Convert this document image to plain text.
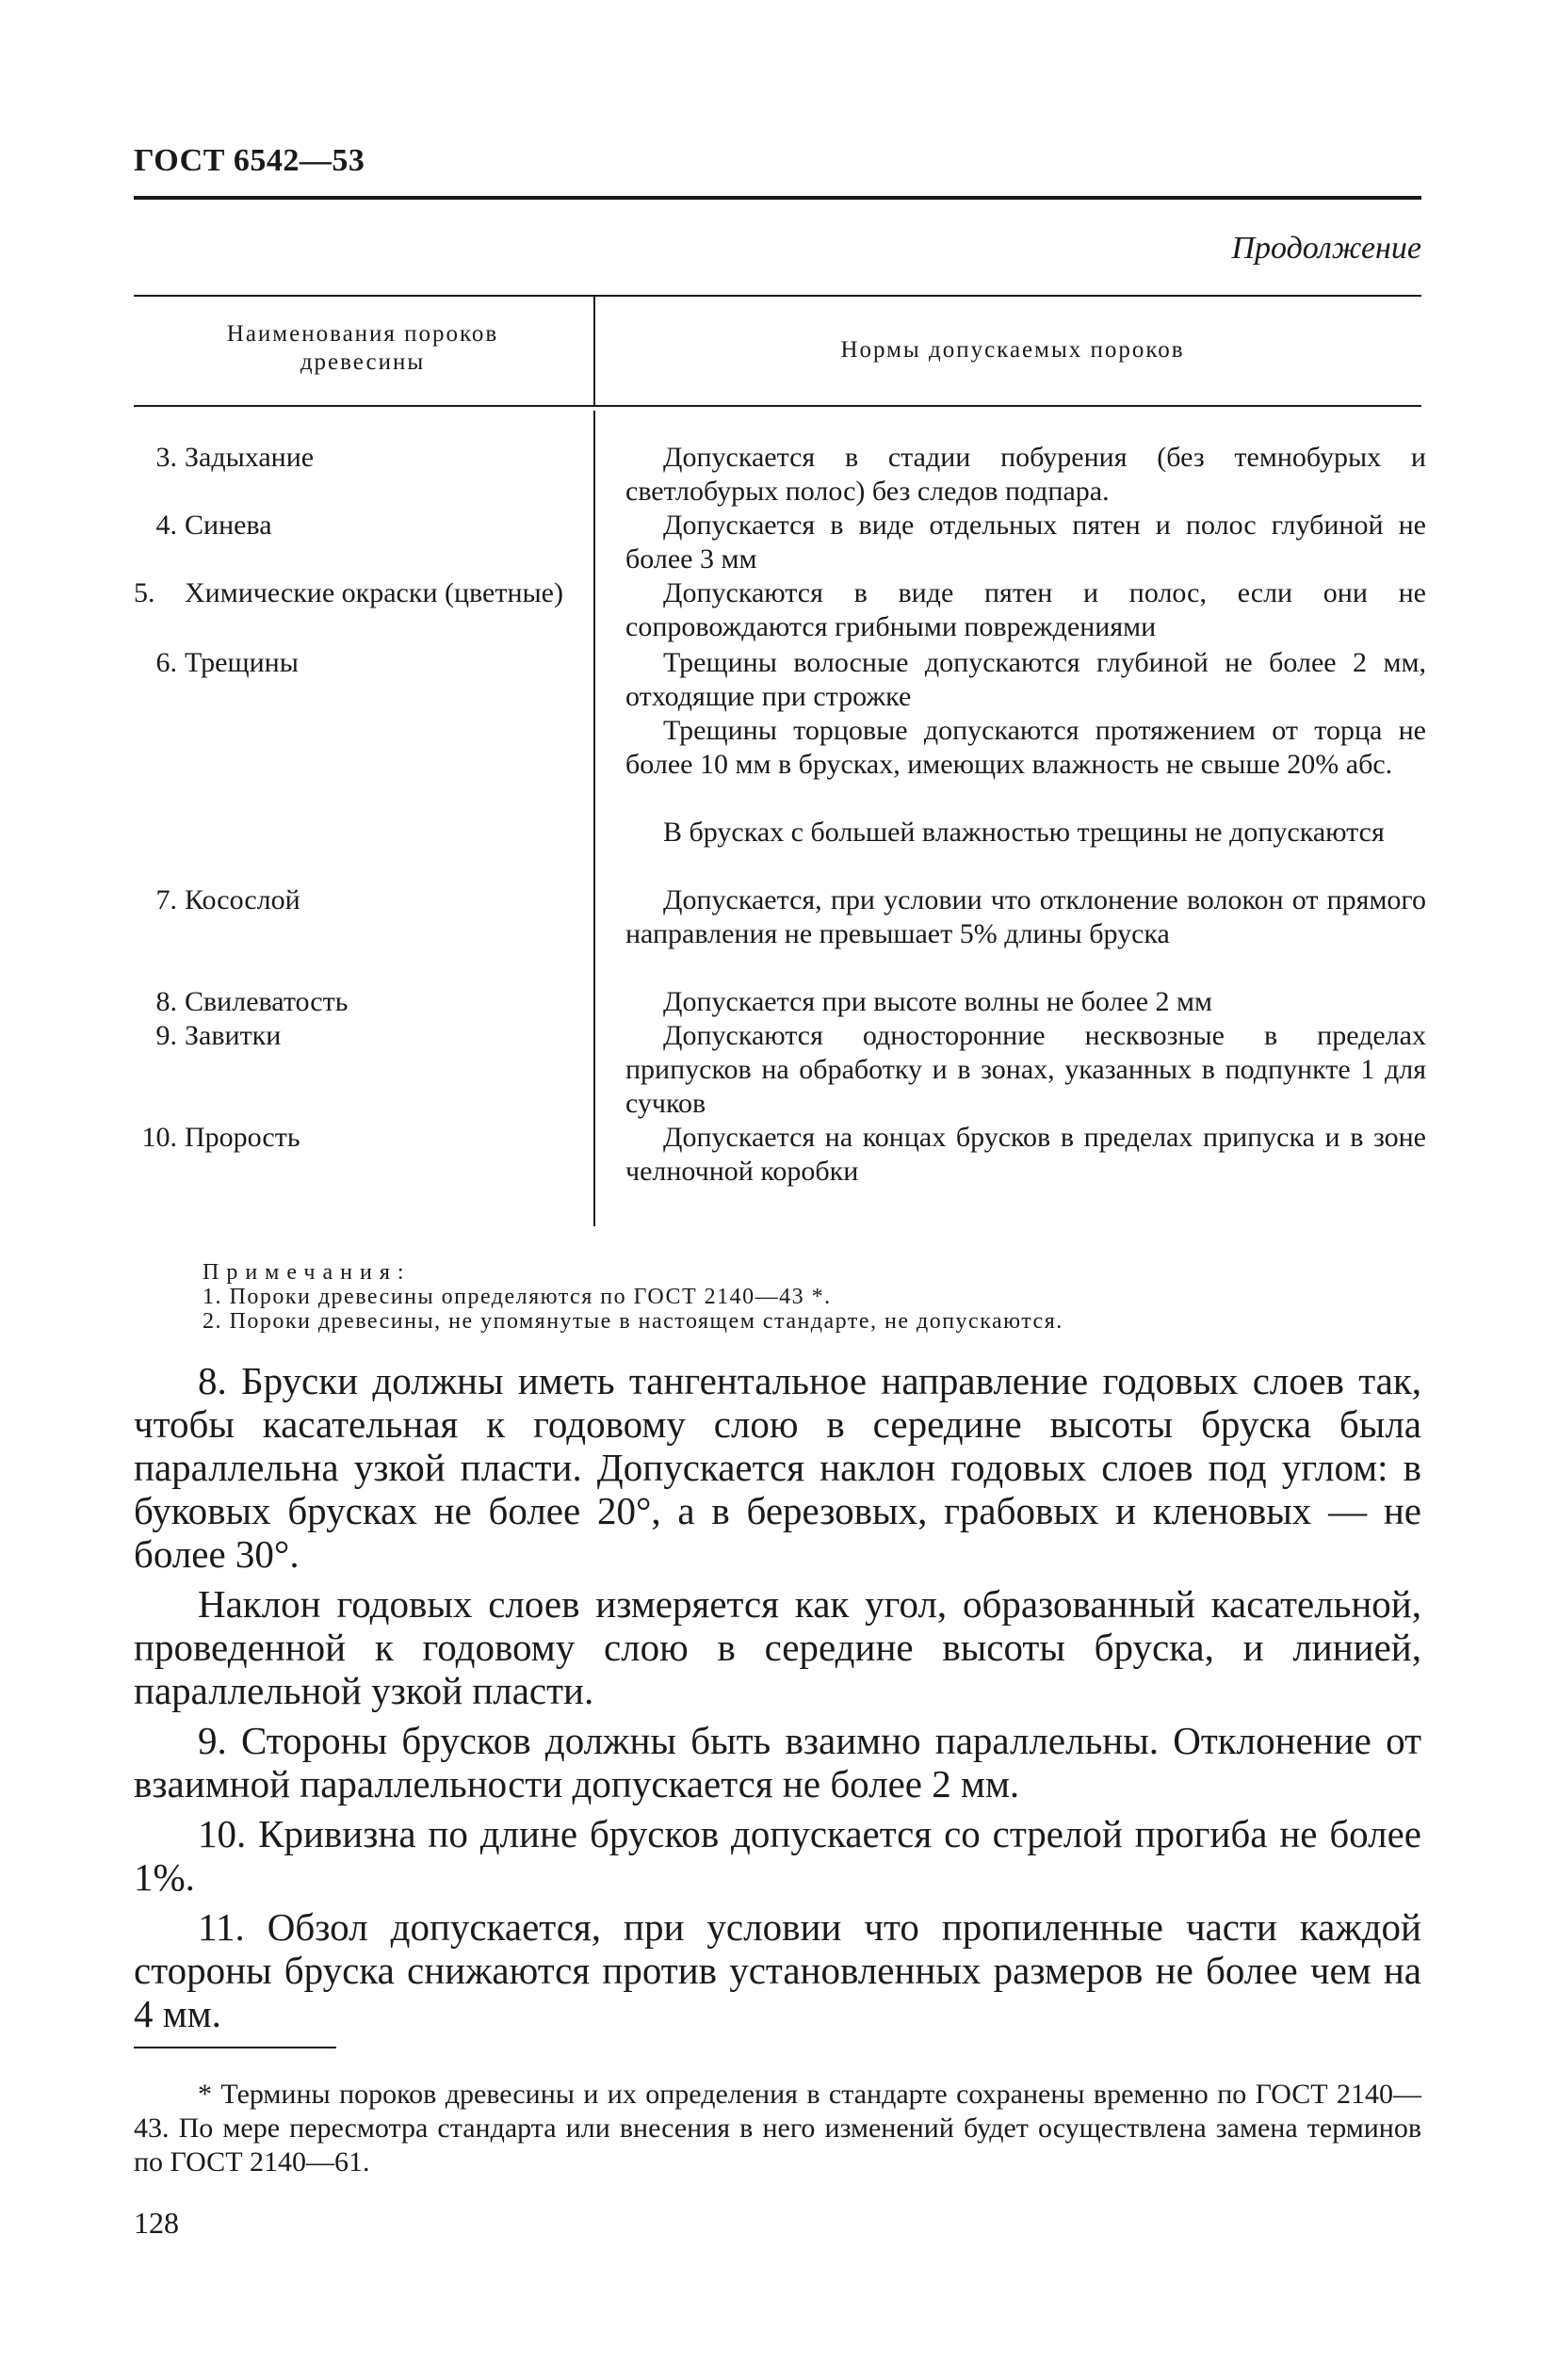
ГОСТ 6542—53
Продолжение
Наименования пороков древесины	Нормы допускаемых пороков
3. Задыхание	Допускается в стадии побурения (без темнобурых и светлобурых полос) без следов подпара.
4. Синева	Допускается в виде отдельных пятен и полос глубиной не более 3 мм
5. Химические окраски (цветные)	Допускаются в виде пятен и полос, если они не сопровождаются грибными повреждениями
6. Трещины	Трещины волосные допускаются глубиной не более 2 мм, отходящие при строжке
Трещины торцовые допускаются протяжением от торца не более 10 мм в брусках, имеющих влажность не свыше 20% абс.
В брусках с большей влажностью трещины не допускаются
7. Косослой	Допускается, при условии что отклонение волокон от прямого направления не превышает 5% длины бруска
8. Свилеватость	Допускается при высоте волны не более 2 мм
9. Завитки	Допускаются односторонние несквозные в пределах припусков на обработку и в зонах, указанных в подпункте 1 для сучков
10. Прорость	Допускается на концах брусков в пределах припуска и в зоне челночной коробки
Примечания:
1. Пороки древесины определяются по ГОСТ 2140—43 *.
2. Пороки древесины, не упомянутые в настоящем стандарте, не допускаются.

8. Бруски должны иметь тангентальное направление годовых слоев так, чтобы касательная к годовому слою в середине высоты бруска была параллельна узкой пласти. Допускается наклон годовых слоев под углом: в буковых брусках не более 20°, а в березовых, грабовых и кленовых — не более 30°.

Наклон годовых слоев измеряется как угол, образованный касательной, проведенной к годовому слою в середине высоты бруска, и линией, параллельной узкой пласти.

9. Стороны брусков должны быть взаимно параллельны. Отклонение от взаимной параллельности допускается не более 2 мм.

10. Кривизна по длине брусков допускается со стрелой прогиба не более 1%.

11. Обзол допускается, при условии что пропиленные части каждой стороны бруска снижаются против установленных размеров не более чем на 4 мм.

* Термины пороков древесины и их определения в стандарте сохранены временно по ГОСТ 2140—43. По мере пересмотра стандарта или внесения в него изменений будет осуществлена замена терминов по ГОСТ 2140—61.
128
